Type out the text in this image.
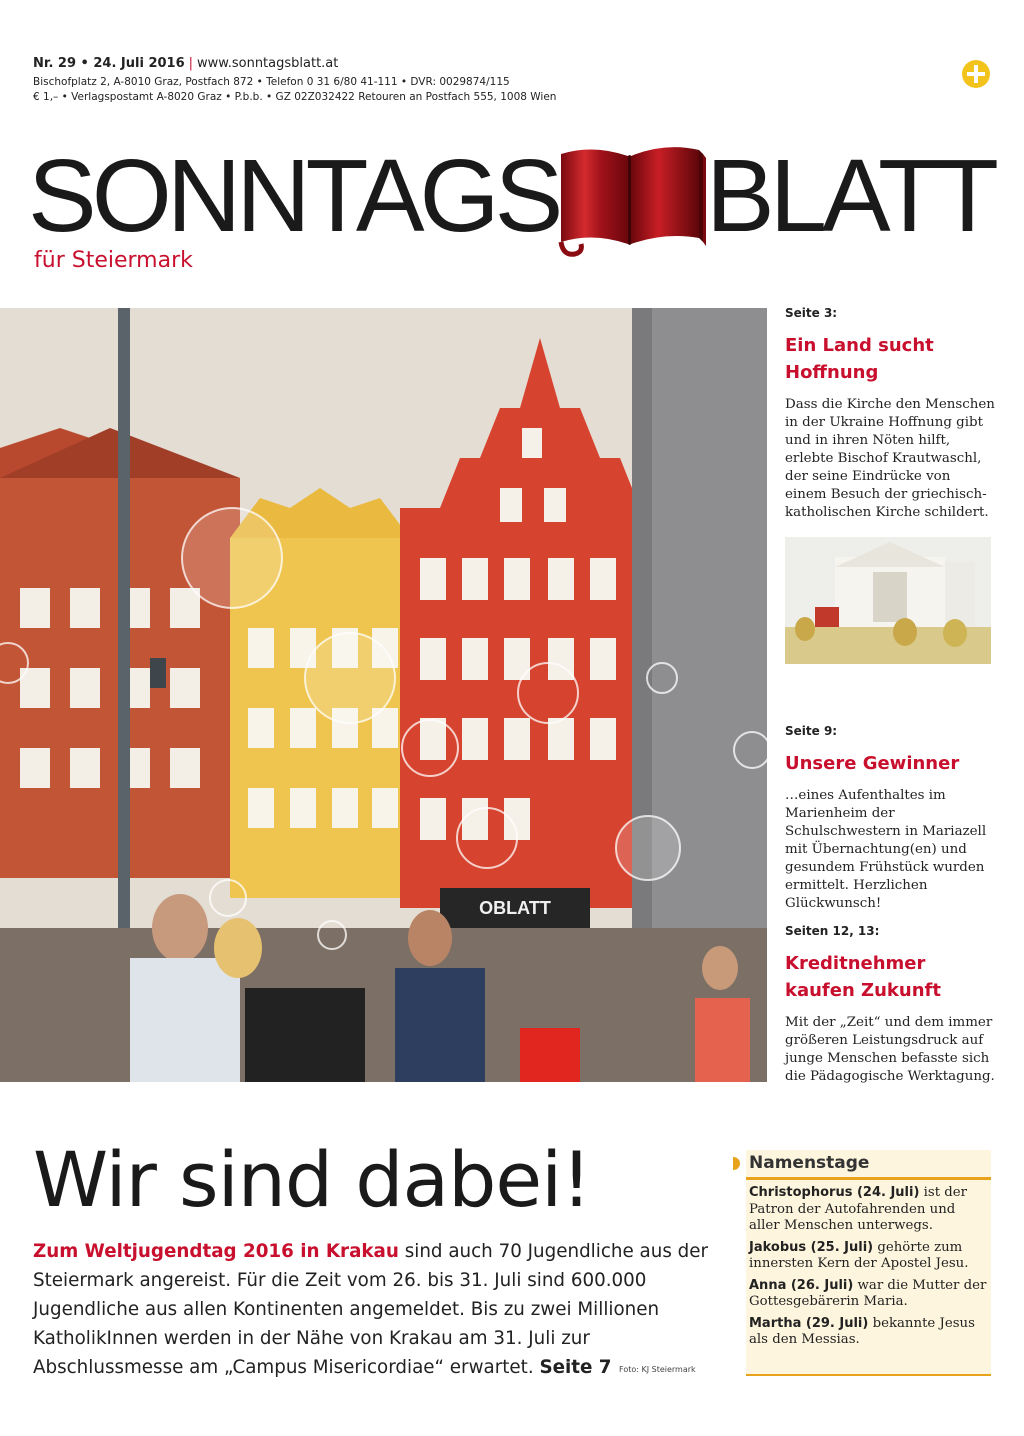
Nr. 29 • 24. Juli 2016 | www.sonntagsblatt.at
Bischofplatz 2, A-8010 Graz, Postfach 872 • Telefon 0 31 6/80 41-111 • DVR: 0029874/115
€ 1,– • Verlagspostamt A-8020 Graz • P.b.b. • GZ 02Z032422 Retouren an Postfach 555, 1008 Wien
SONNTAGS BLATT
für Steiermark
OBLATT
Seite 3:
Ein Land sucht Hoffnung
Dass die Kirche den Menschen in der Ukraine Hoffnung gibt und in ihren Nöten hilft, erlebte Bischof Krautwaschl, der seine Eindrücke von einem Besuch der griechisch-katholischen Kirche schildert.
Seite 9:
Unsere Gewinner
…eines Aufenthaltes im Marienheim der Schulschwestern in Mariazell mit Übernachtung(en) und gesundem Frühstück wurden ermittelt. Herzlichen Glückwunsch!
Seiten 12, 13:
Kreditnehmer kaufen Zukunft
Mit der „Zeit“ und dem immer größeren Leistungsdruck auf junge Menschen befasste sich die Pädagogische Werktagung.
Wir sind dabei!
Zum Weltjugendtag 2016 in Krakau sind auch 70 Jugendliche aus der Steiermark angereist. Für die Zeit vom 26. bis 31. Juli sind 600.000 Jugendliche aus allen Kontinenten angemeldet. Bis zu zwei Millionen KatholikInnen werden in der Nähe von Krakau am 31. Juli zur Abschlussmesse am „Campus Misericordiae“ erwartet. Seite 7 Foto: KJ Steiermark
Namenstage
Christophorus (24. Juli) ist der Patron der Autofahrenden und aller Menschen unterwegs.
Jakobus (25. Juli) gehörte zum innersten Kern der Apostel Jesu.
Anna (26. Juli) war die Mutter der Gottesgebärerin Maria.
Martha (29. Juli) bekannte Jesus als den Messias.
